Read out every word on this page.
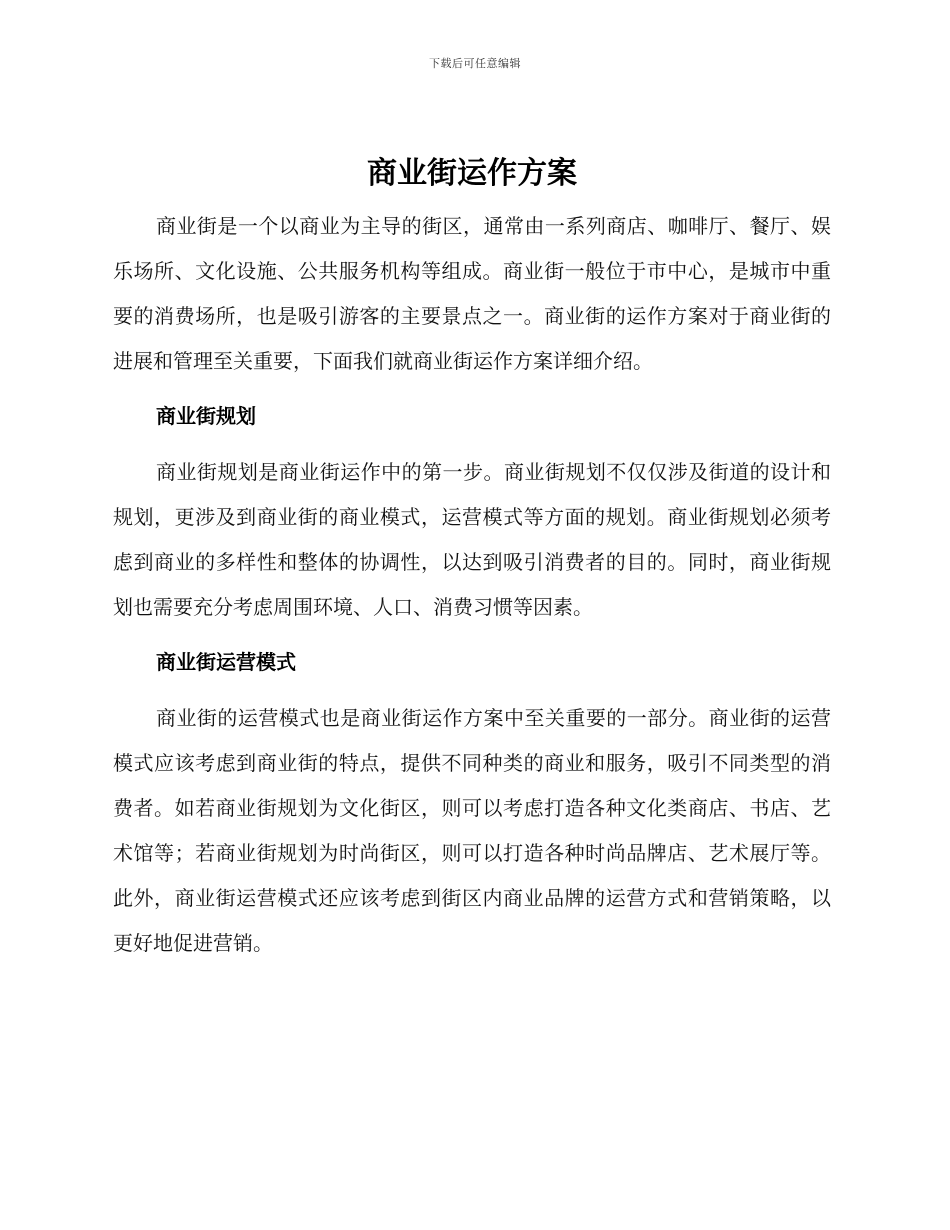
下载后可任意编辑
商业街运作方案

商业街是一个以商业为主导的街区，通常由一系列商店、咖啡厅、餐厅、娱乐场所、文化设施、公共服务机构等组成。商业街一般位于市中心，是城市中重要的消费场所，也是吸引游客的主要景点之一。商业街的运作方案对于商业街的进展和管理至关重要，下面我们就商业街运作方案详细介绍。

商业街规划

商业街规划是商业街运作中的第一步。商业街规划不仅仅涉及街道的设计和规划，更涉及到商业街的商业模式，运营模式等方面的规划。商业街规划必须考虑到商业的多样性和整体的协调性，以达到吸引消费者的目的。同时，商业街规划也需要充分考虑周围环境、人口、消费习惯等因素。

商业街运营模式

商业街的运营模式也是商业街运作方案中至关重要的一部分。商业街的运营模式应该考虑到商业街的特点，提供不同种类的商业和服务，吸引不同类型的消费者。如若商业街规划为文化街区，则可以考虑打造各种文化类商店、书店、艺术馆等；若商业街规划为时尚街区，则可以打造各种时尚品牌店、艺术展厅等。此外，商业街运营模式还应该考虑到街区内商业品牌的运营方式和营销策略，以更好地促进营销。
